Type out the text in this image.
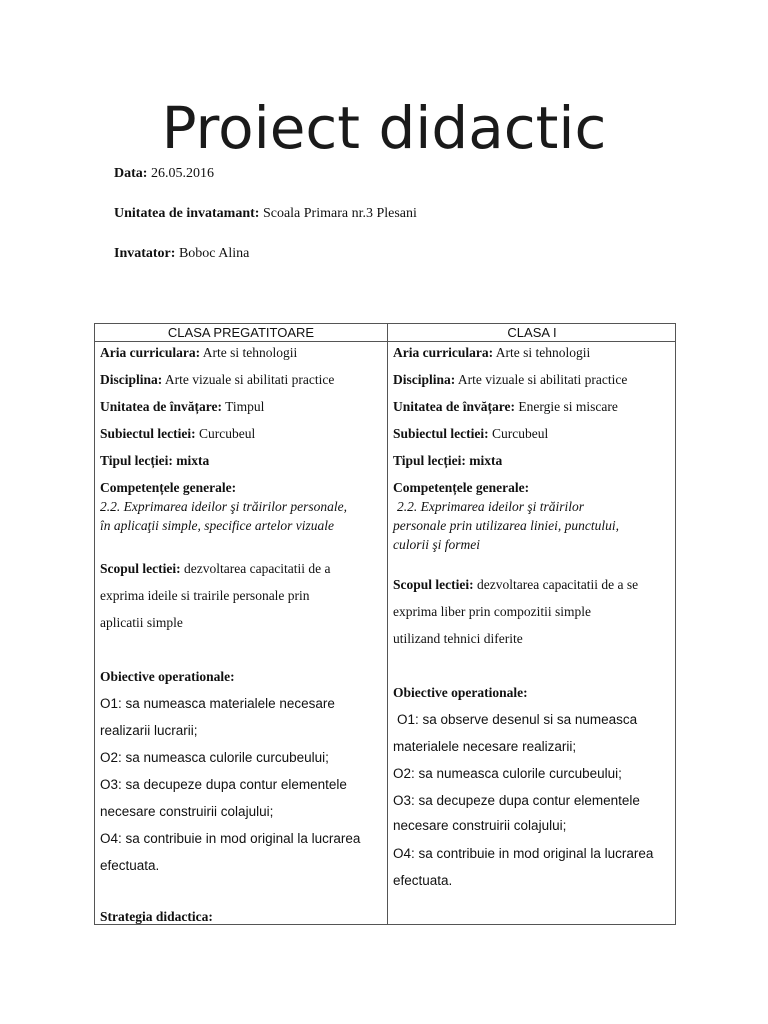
Proiect didactic
Data: 26.05.2016
Unitatea de invatamant: Scoala Primara nr.3 Plesani
Invatator: Boboc Alina
CLASA PREGATITOARE	CLASA I
Aria curriculara: Arte si tehnologii
Disciplina: Arte vizuale si abilitati practice
Unitatea de învățare: Timpul
Subiectul lectiei: Curcubeul
Tipul lecției: mixta
Competențele generale:
2.2. Exprimarea ideilor şi trăirilor personale,
în aplicaţii simple, specifice artelor vizuale
Scopul lectiei: dezvoltarea capacitatii de a
exprima ideile si trairile personale prin
aplicatii simple
Obiective operationale:
O1: sa numeasca materialele necesare
realizarii lucrarii;
O2: sa numeasca culorile curcubeului;
O3: sa decupeze dupa contur elementele
necesare construirii colajului;
O4: sa contribuie in mod original la lucrarea
efectuata.
Strategia didactica:
Aria curriculara: Arte si tehnologii
Disciplina: Arte vizuale si abilitati practice
Unitatea de învățare: Energie si miscare
Subiectul lectiei: Curcubeul
Tipul lecției: mixta
Competențele generale:
2.2. Exprimarea ideilor şi trăirilor
personale prin utilizarea liniei, punctului,
culorii şi formei
Scopul lectiei: dezvoltarea capacitatii de a se
exprima liber prin compozitii simple
utilizand tehnici diferite
Obiective operationale:
O1: sa observe desenul si sa numeasca
materialele necesare realizarii;
O2: sa numeasca culorile curcubeului;
O3: sa decupeze dupa contur elementele
necesare construirii colajului;
O4: sa contribuie in mod original la lucrarea
efectuata.
